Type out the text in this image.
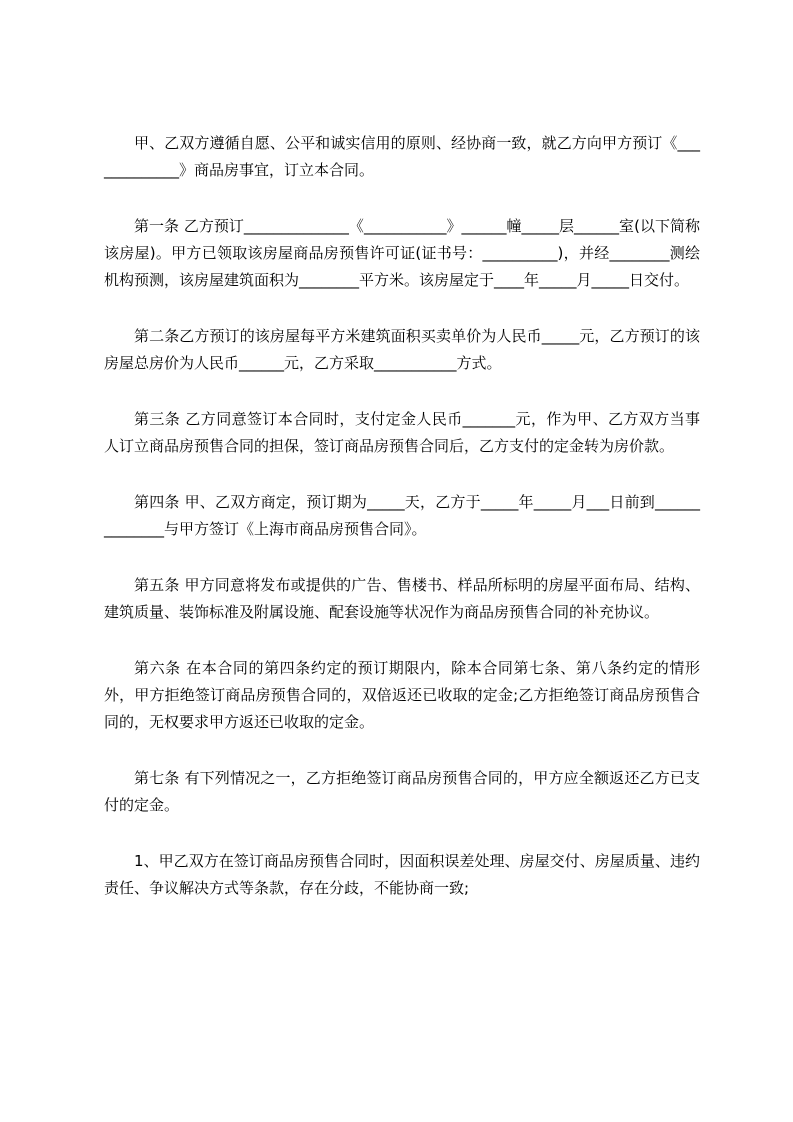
甲、乙双方遵循自愿、公平和诚实信用的原则、经协商一致，就乙方向甲方预订《_____________》商品房事宜，订立本合同。

第一条 乙方预订______________《___________》______幢_____层______室(以下简称该房屋)。甲方已领取该房屋商品房预售许可证(证书号：__________)，并经________测绘机构预测，该房屋建筑面积为________平方米。该房屋定于____年_____月_____日交付。

第二条乙方预订的该房屋每平方米建筑面积买卖单价为人民币_____元，乙方预订的该房屋总房价为人民币______元，乙方采取___________方式。

第三条 乙方同意签订本合同时，支付定金人民币_______元，作为甲、乙方双方当事人订立商品房预售合同的担保，签订商品房预售合同后，乙方支付的定金转为房价款。

第四条 甲、乙双方商定，预订期为_____天，乙方于_____年_____月___日前到______________与甲方签订《上海市商品房预售合同》。

第五条 甲方同意将发布或提供的广告、售楼书、样品所标明的房屋平面布局、结构、建筑质量、装饰标准及附属设施、配套设施等状况作为商品房预售合同的补充协议。

第六条 在本合同的第四条约定的预订期限内，除本合同第七条、第八条约定的情形外，甲方拒绝签订商品房预售合同的，双倍返还已收取的定金;乙方拒绝签订商品房预售合同的，无权要求甲方返还已收取的定金。

第七条 有下列情况之一，乙方拒绝签订商品房预售合同的，甲方应全额返还乙方已支付的定金。

1、甲乙双方在签订商品房预售合同时，因面积误差处理、房屋交付、房屋质量、违约责任、争议解决方式等条款，存在分歧，不能协商一致;
